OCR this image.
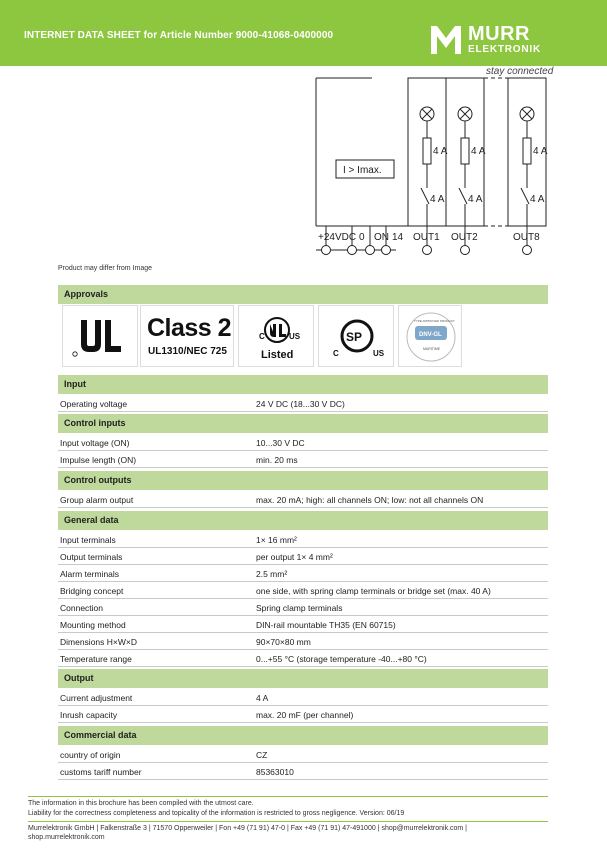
INTERNET DATA SHEET for Article Number 9000-41068-0400000	MURR
ELEKTRONIK
stay connected
I > Imax.
4 A 4 A	4 A
4 A 4 A	4 A
+24VDC 0 ON 14 OUT1 OUT2	OUT8
Product may differ from Image
Approvals
Class 2
UL1310/NEC 725
C	US
Listed
SP
C	US
DNV-GL
TYPE APPROVED PRODUCT
MARITIME
Input
Operating voltage	24 V DC (18...30 V DC)
Control inputs
Input voltage (ON)	10...30 V DC
Impulse length (ON)	min. 20 ms
Control outputs
Group alarm output	max. 20 mA; high: all channels ON; low: not all channels ON
General data
Input terminals	1× 16 mm²
Output terminals	per output 1× 4 mm²
Alarm terminals	2.5 mm²
Bridging concept	one side, with spring clamp terminals or bridge set (max. 40 A)
Connection	Spring clamp terminals
Mounting method	DIN-rail mountable TH35 (EN 60715)
Dimensions H×W×D	90×70×80 mm
Temperature range	0...+55 °C (storage temperature -40...+80 °C)
Output
Current adjustment	4 A
Inrush capacity	max. 20 mF (per channel)
Commercial data
country of origin	CZ
customs tariff number	85363010
The information in this brochure has been compiled with the utmost care.
Liability for the correctness completeness and topicality of the information is restricted to gross negligence. Version: 06/19
Murrelektronik GmbH | Falkenstraße 3 | 71570 Oppenweiler | Fon +49 (71 91) 47-0 | Fax +49 (71 91) 47-491000 | shop@murrelektronik.com |
shop.murrelektronik.com
